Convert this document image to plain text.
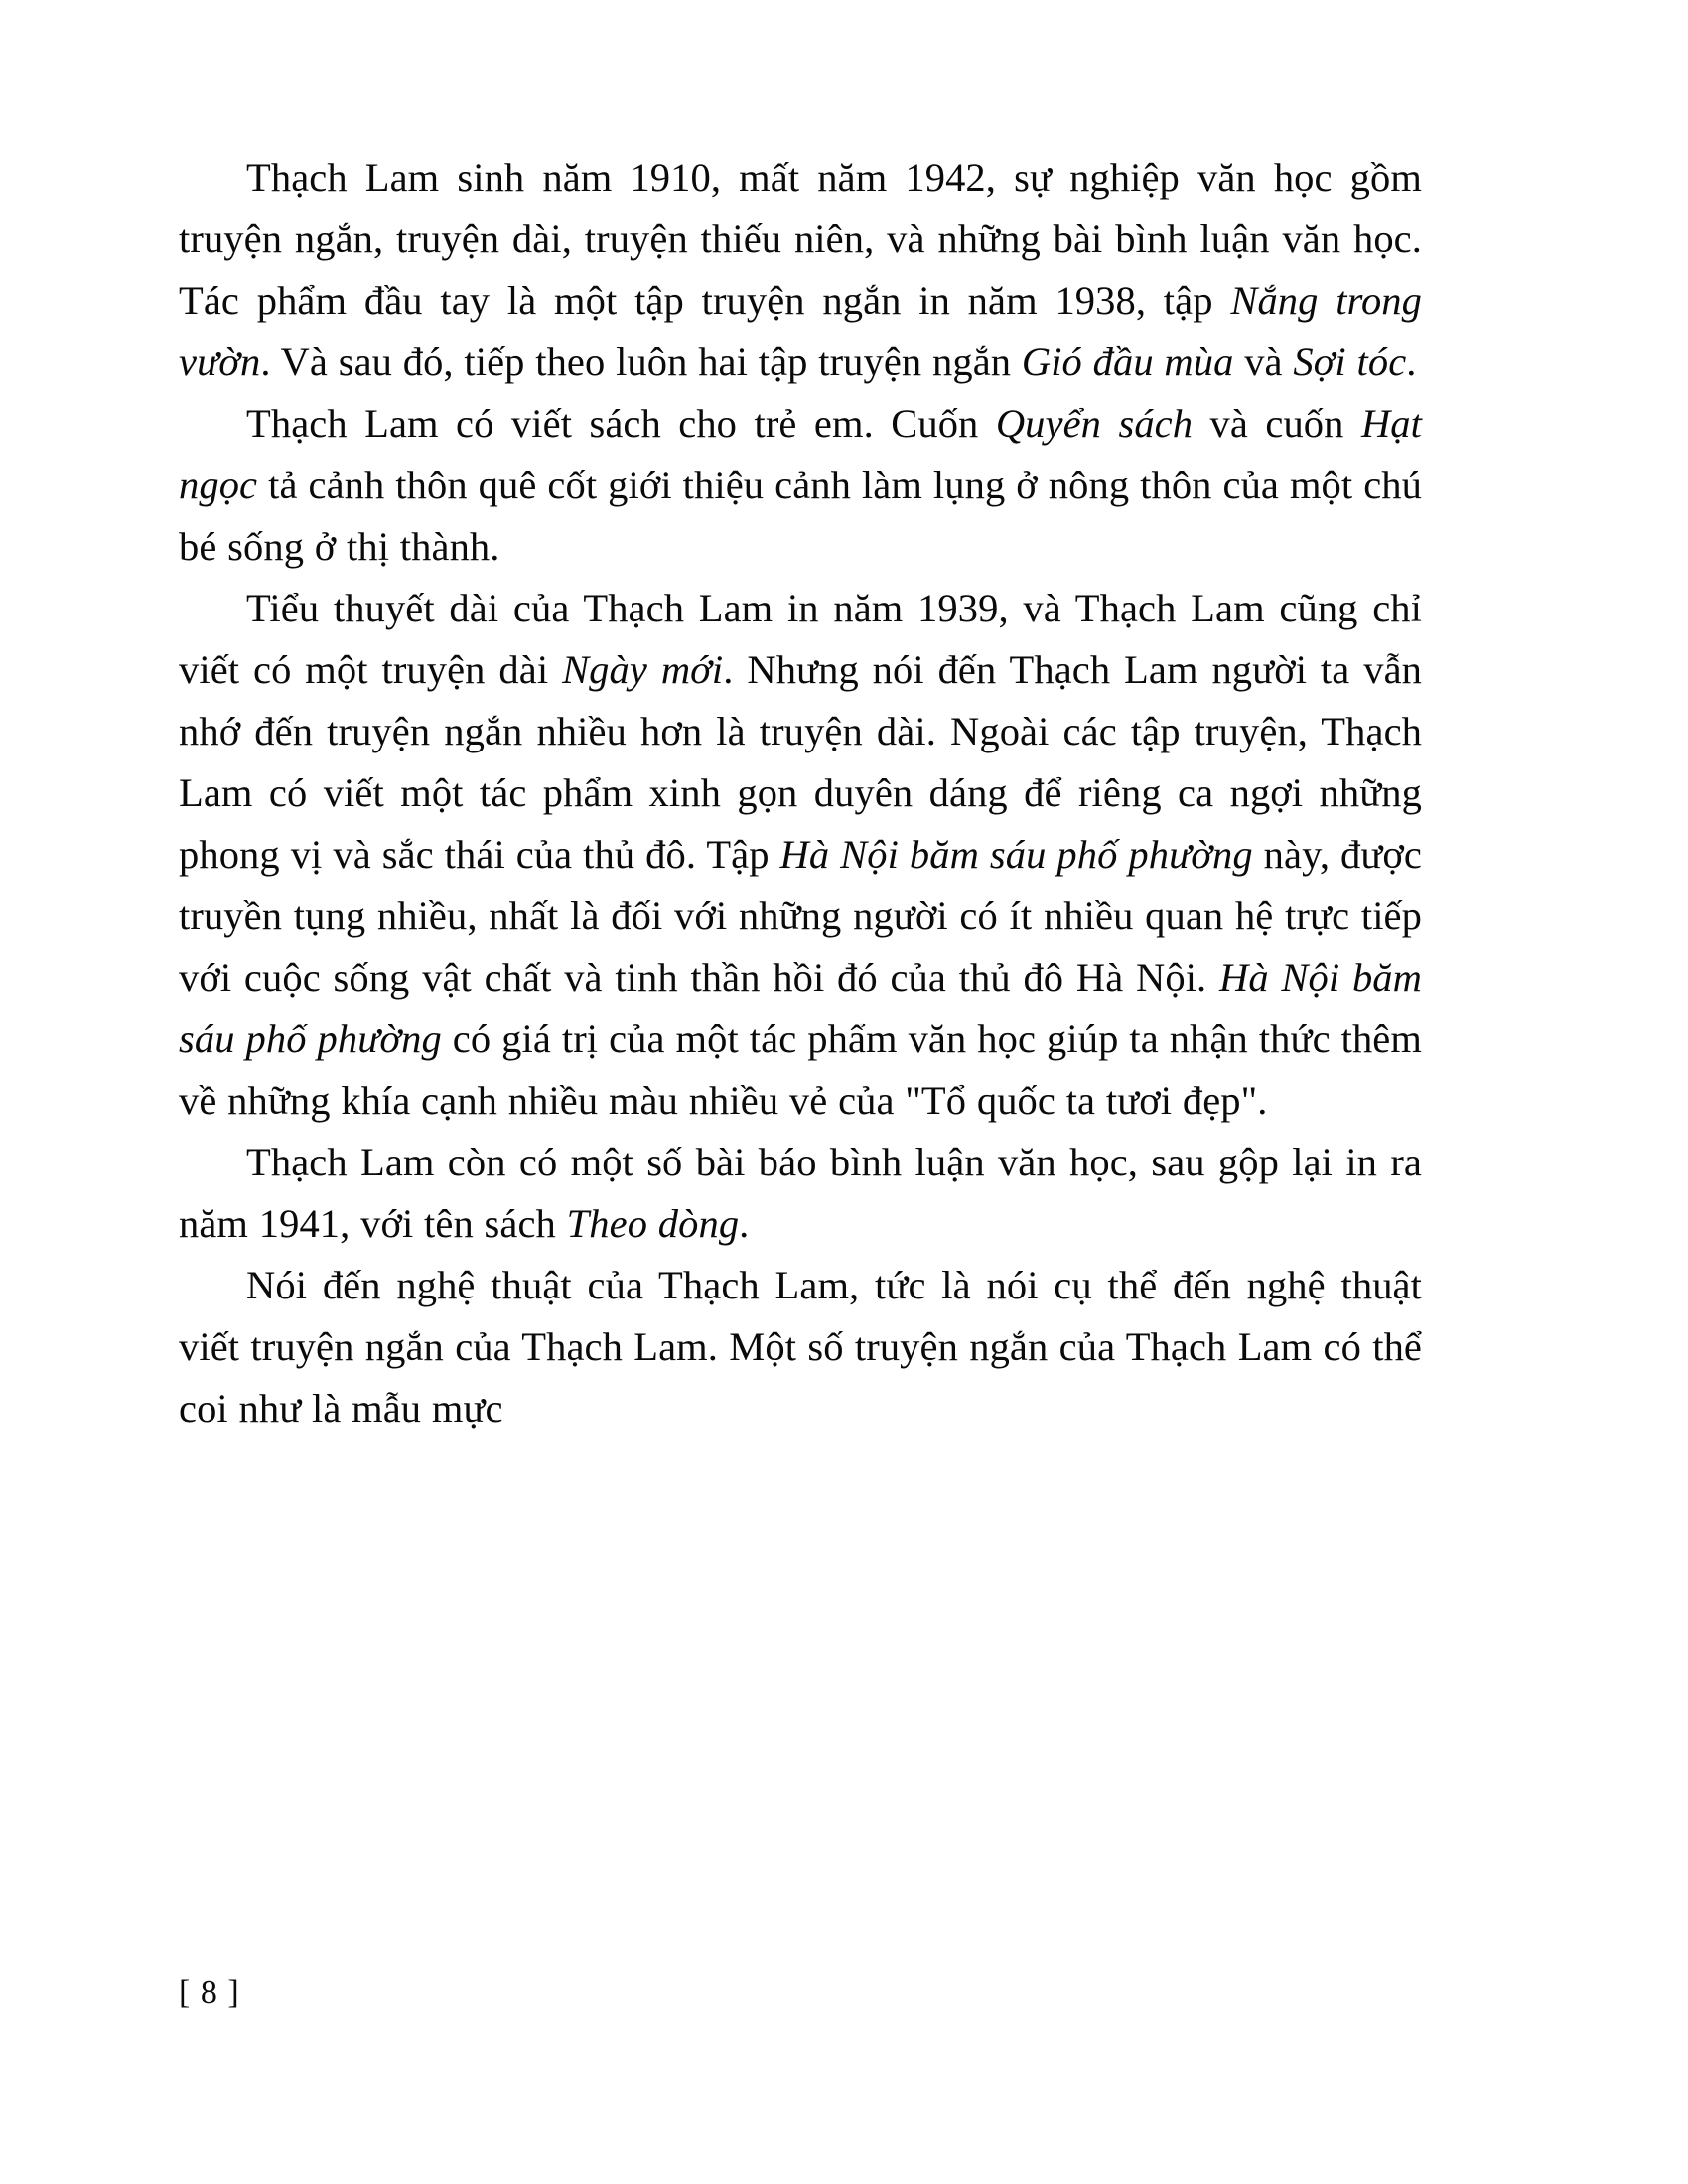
Thạch Lam sinh năm 1910, mất năm 1942, sự nghiệp văn học gồm truyện ngắn, truyện dài, truyện thiếu niên, và những bài bình luận văn học. Tác phẩm đầu tay là một tập truyện ngắn in năm 1938, tập Nắng trong vườn. Và sau đó, tiếp theo luôn hai tập truyện ngắn Gió đầu mùa và Sợi tóc.

Thạch Lam có viết sách cho trẻ em. Cuốn Quyển sách và cuốn Hạt ngọc tả cảnh thôn quê cốt giới thiệu cảnh làm lụng ở nông thôn của một chú bé sống ở thị thành.

Tiểu thuyết dài của Thạch Lam in năm 1939, và Thạch Lam cũng chỉ viết có một truyện dài Ngày mới. Nhưng nói đến Thạch Lam người ta vẫn nhớ đến truyện ngắn nhiều hơn là truyện dài. Ngoài các tập truyện, Thạch Lam có viết một tác phẩm xinh gọn duyên dáng để riêng ca ngợi những phong vị và sắc thái của thủ đô. Tập Hà Nội băm sáu phố phường này, được truyền tụng nhiều, nhất là đối với những người có ít nhiều quan hệ trực tiếp với cuộc sống vật chất và tinh thần hồi đó của thủ đô Hà Nội. Hà Nội băm sáu phố phường có giá trị của một tác phẩm văn học giúp ta nhận thức thêm về những khía cạnh nhiều màu nhiều vẻ của "Tổ quốc ta tươi đẹp".

Thạch Lam còn có một số bài báo bình luận văn học, sau gộp lại in ra năm 1941, với tên sách Theo dòng.

Nói đến nghệ thuật của Thạch Lam, tức là nói cụ thể đến nghệ thuật viết truyện ngắn của Thạch Lam. Một số truyện ngắn của Thạch Lam có thể coi như là mẫu mực

[ 8 ]
